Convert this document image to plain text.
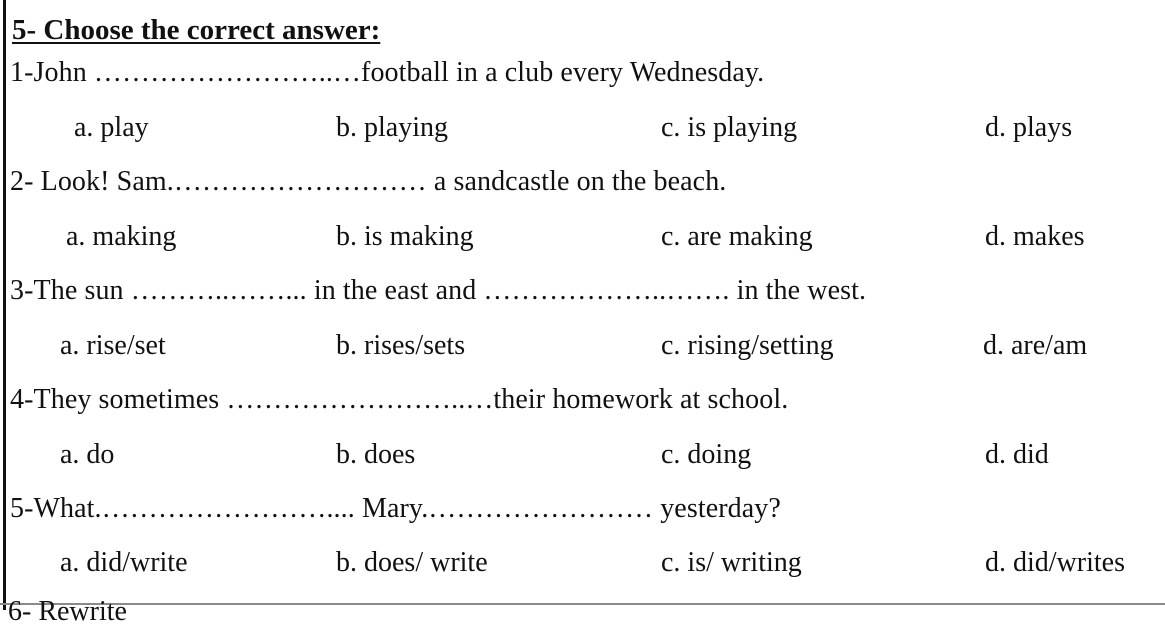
5- Choose the correct answer:
1-John ……………………..…football in a club every Wednesday.
a. play	b. playing	c. is playing	d. plays
2- Look! Sam.……………………… a sandcastle on the beach.
a. making	b. is making	c. are making	d. makes
3-The sun ………..……... in the east and ………………..……. in the west.
a. rise/set	b. rises/sets	c. rising/setting	d. are/am
4-They sometimes ……………………..…their homework at school.
a. do	b. does	c. doing	d. did
5-What.…………………….... Mary.…………………… yesterday?
a. did/write	b. does/ write	c. is/ writing	d. did/writes
6- Rewrite
